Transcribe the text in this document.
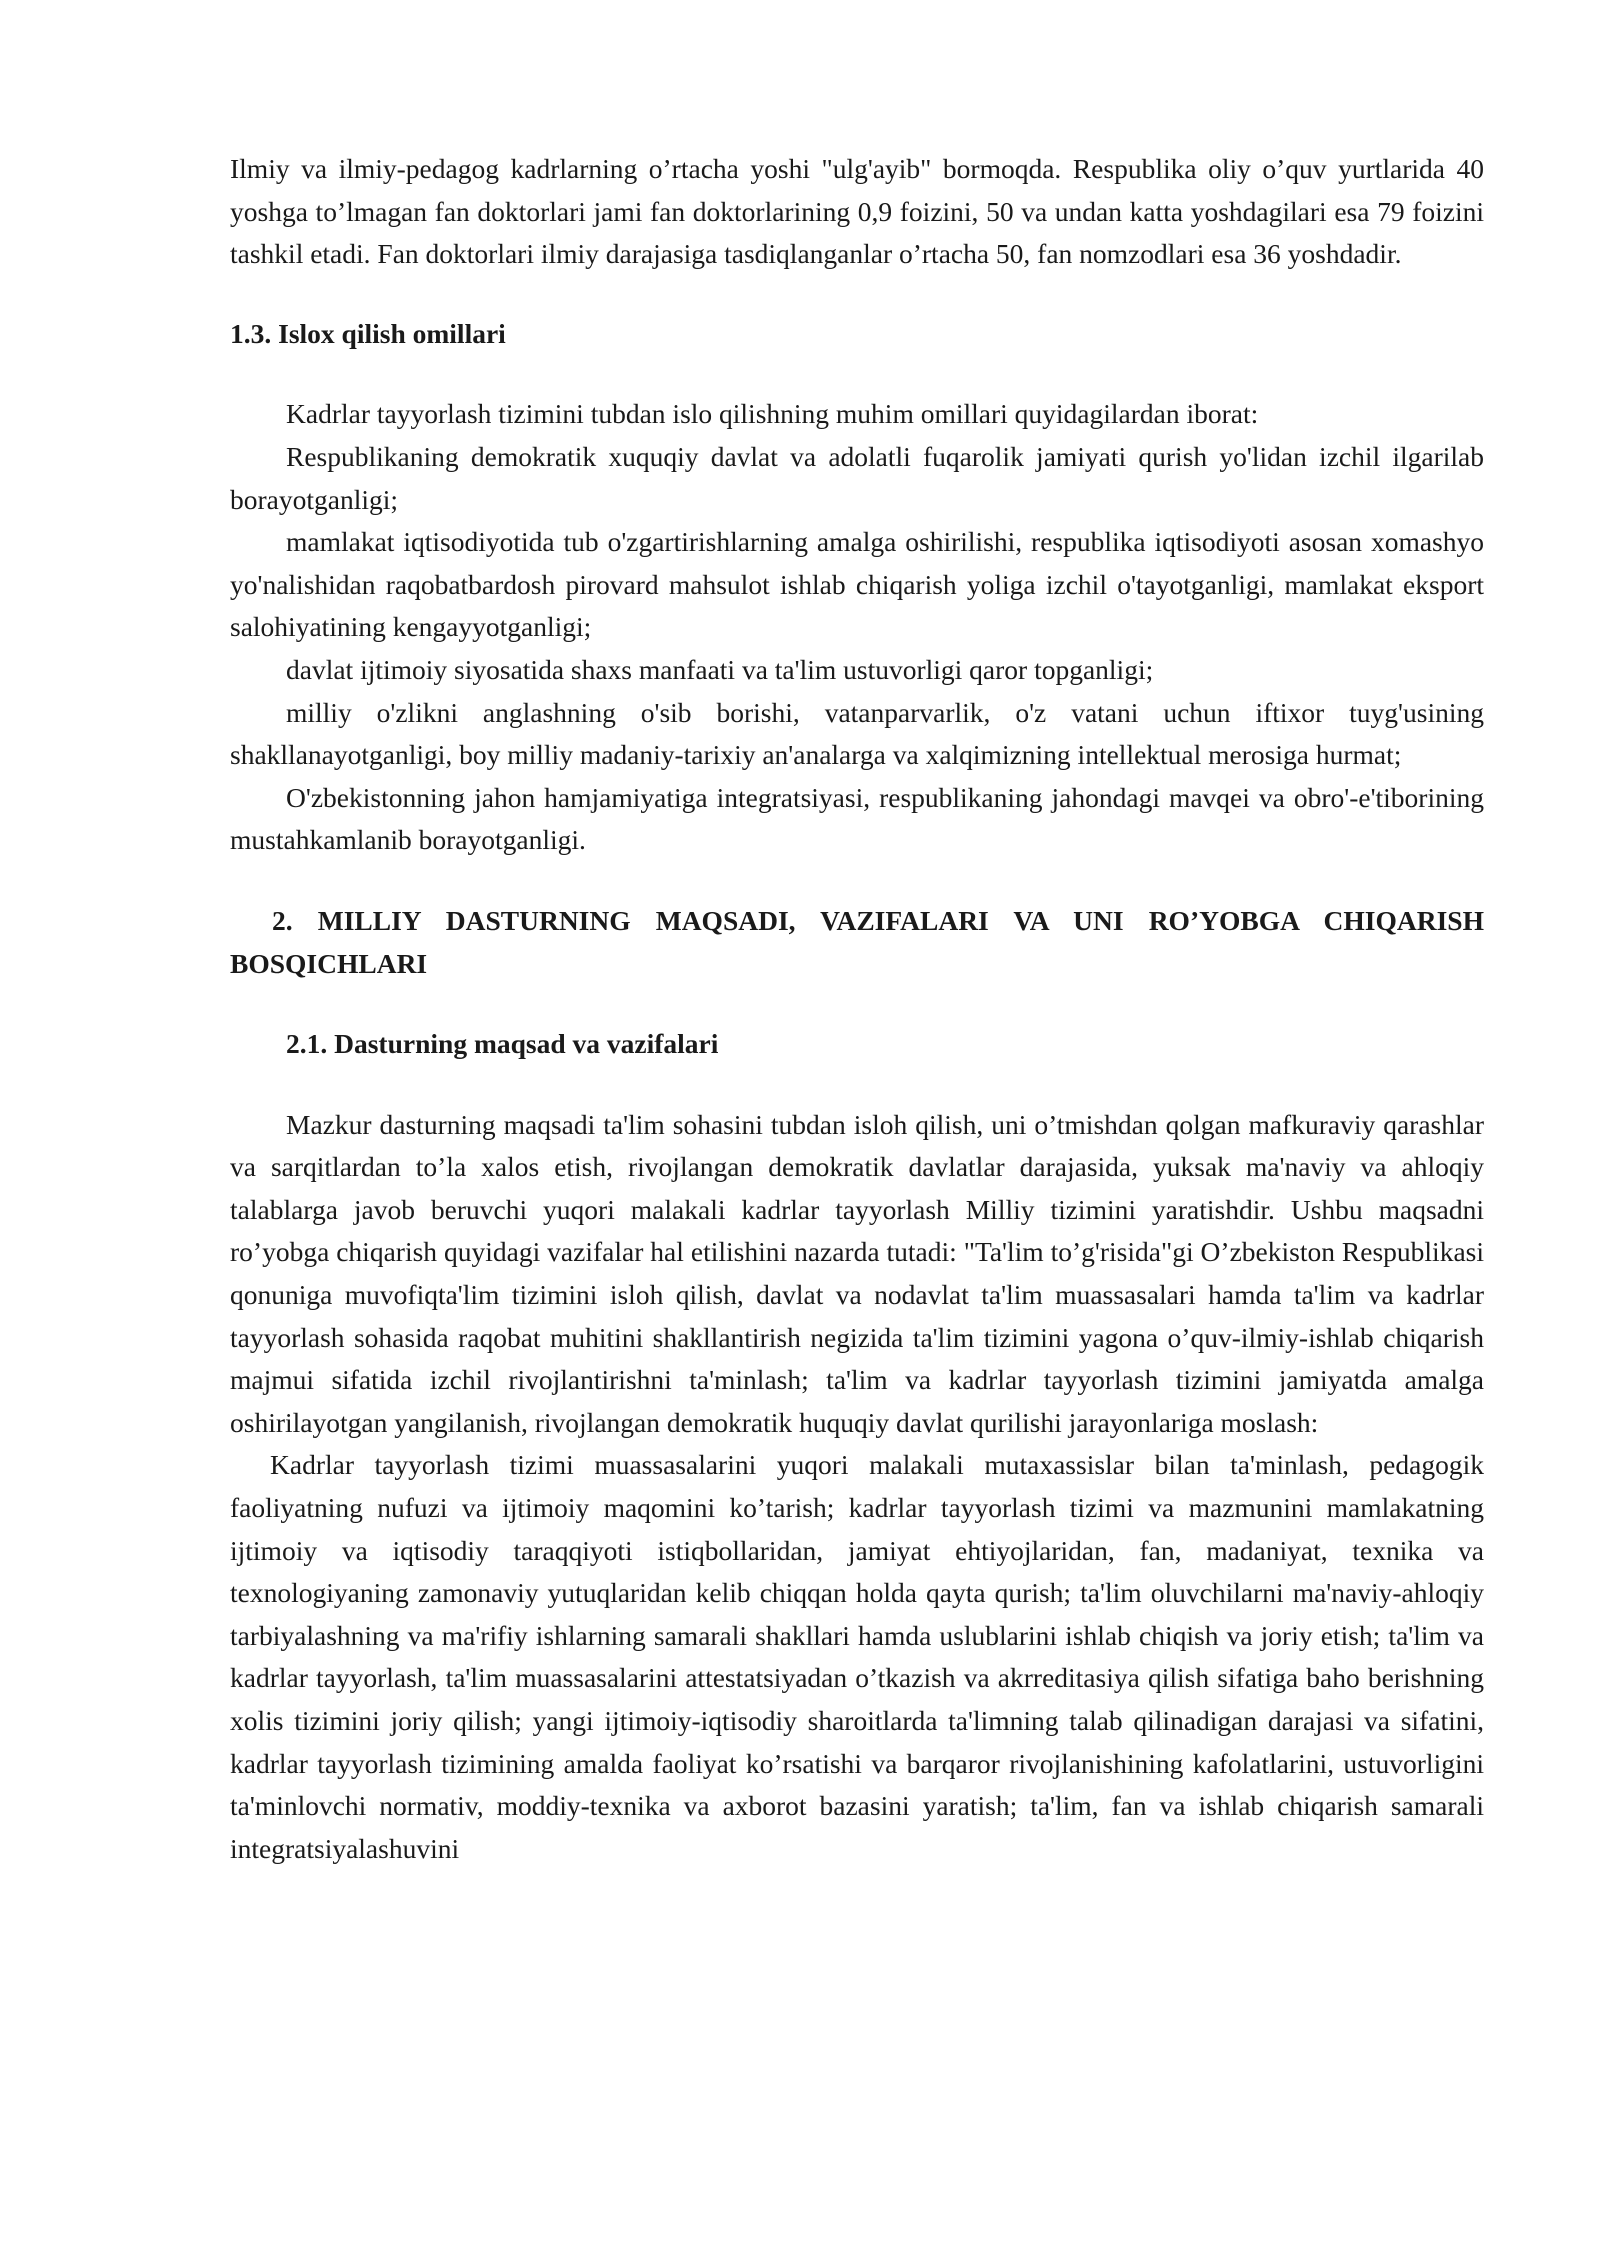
Ilmiy va ilmiy-pedagog kadrlarning o’rtacha yoshi "ulg'ayib" bormoqda. Respublika oliy o’quv yurtlarida 40 yoshga to’lmagan fan doktorlari jami fan doktorlarining 0,9 foizini, 50 va undan katta yoshdagilari esa 79 foizini tashkil etadi. Fan doktorlari ilmiy darajasiga tasdiqlanganlar o’rtacha 50, fan nomzodlari esa 36 yoshdadir.

1.3. Islox qilish omillari

Kadrlar tayyorlash tizimini tubdan islo qilishning muhim omillari quyidagilardan iborat:

Respublikaning demokratik xuquqiy davlat va adolatli fuqarolik jamiyati qurish yo'lidan izchil ilgarilab borayotganligi;

mamlakat iqtisodiyotida tub o'zgartirishlarning amalga oshirilishi, respublika iqtisodiyoti asosan xomashyo yo'nalishidan raqobatbardosh pirovard mahsulot ishlab chiqarish yoliga izchil o'tayotganligi, mamlakat eksport salohiyatining kengayyotganligi;

davlat ijtimoiy siyosatida shaxs manfaati va ta'lim ustuvorligi qaror topganligi;

milliy o'zlikni anglashning o'sib borishi, vatanparvarlik, o'z vatani uchun iftixor tuyg'usining shakllanayotganligi, boy milliy madaniy-tarixiy an'analarga va xalqimizning intellektual merosiga hurmat;

O'zbekistonning jahon hamjamiyatiga integratsiyasi, respublikaning jahondagi mavqei va obro'-e'tiborining mustahkamlanib borayotganligi.

2. MILLIY DASTURNING MAQSADI, VAZIFALARI VA UNI RO’YOBGA CHIQARISH BOSQICHLARI

2.1. Dasturning maqsad va vazifalari

Mazkur dasturning maqsadi ta'lim sohasini tubdan isloh qilish, uni o’tmishdan qolgan mafkuraviy qarashlar va sarqitlardan to’la xalos etish, rivojlangan demokratik davlatlar darajasida, yuksak ma'naviy va ahloqiy talablarga javob beruvchi yuqori malakali kadrlar tayyorlash Milliy tizimini yaratishdir. Ushbu maqsadni ro’yobga chiqarish quyidagi vazifalar hal etilishini nazarda tutadi: "Ta'lim to’g'risida"gi O’zbekiston Respublikasi qonuniga muvofiqta'lim tizimini isloh qilish, davlat va nodavlat ta'lim muassasalari hamda ta'lim va kadrlar tayyorlash sohasida raqobat muhitini shakllantirish negizida ta'lim tizimini yagona o’quv-ilmiy-ishlab chiqarish majmui sifatida izchil rivojlantirishni ta'minlash; ta'lim va kadrlar tayyorlash tizimini jamiyatda amalga oshirilayotgan yangilanish, rivojlangan demokratik huquqiy davlat qurilishi jarayonlariga moslash:

Kadrlar tayyorlash tizimi muassasalarini yuqori malakali mutaxassislar bilan ta'minlash, pedagogik faoliyatning nufuzi va ijtimoiy maqomini ko’tarish; kadrlar tayyorlash tizimi va mazmunini mamlakatning ijtimoiy va iqtisodiy taraqqiyoti istiqbollaridan, jamiyat ehtiyojlaridan, fan, madaniyat, texnika va texnologiyaning zamonaviy yutuqlaridan kelib chiqqan holda qayta qurish; ta'lim oluvchilarni ma'naviy-ahloqiy tarbiyalashning va ma'rifiy ishlarning samarali shakllari hamda uslublarini ishlab chiqish va joriy etish; ta'lim va kadrlar tayyorlash, ta'lim muassasalarini attestatsiyadan o’tkazish va akrreditasiya qilish sifatiga baho berishning xolis tizimini joriy qilish; yangi ijtimoiy-iqtisodiy sharoitlarda ta'limning talab qilinadigan darajasi va sifatini, kadrlar tayyorlash tizimining amalda faoliyat ko’rsatishi va barqaror rivojlanishining kafolatlarini, ustuvorligini ta'minlovchi normativ, moddiy-texnika va axborot bazasini yaratish; ta'lim, fan va ishlab chiqarish samarali integratsiyalashuvini
